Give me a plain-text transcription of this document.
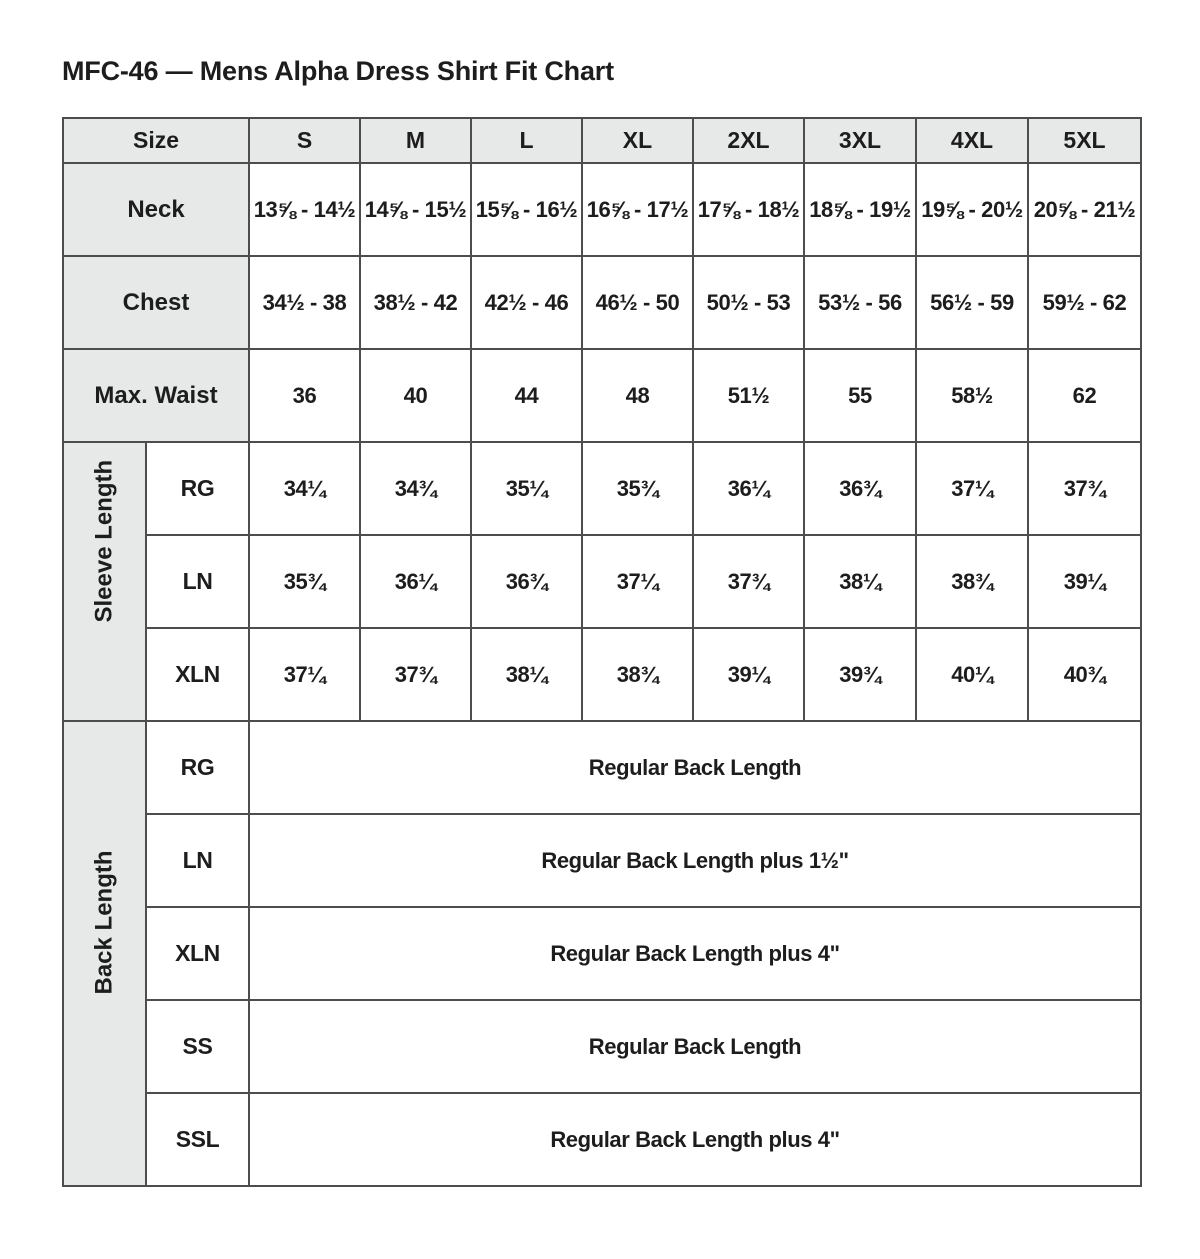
MFC-46 — Mens Alpha Dress Shirt Fit Chart
Size		S	M	L	XL	2XL	3XL	4XL	5XL
Neck		13⅝ - 14½	14⅝ - 15½	15⅝ - 16½	16⅝ - 17½	17⅝ - 18½	18⅝ - 19½	19⅝ - 20½	20⅝ - 21½
Chest		34½ - 38	38½ - 42	42½ - 46	46½ - 50	50½ - 53	53½ - 56	56½ - 59	59½ - 62
Max. Waist		36	40	44	48	51½	55	58½	62

Sleeve Length	RG	34¼	34¾	35¼	35¾	36¼	36¾	37¼	37¾
	LN	35¾	36¼	36¾	37¼	37¾	38¼	38¾	39¼
	XLN	37¼	37¾	38¼	38¾	39¼	39¾	40¼	40¾

Back Length	RG	Regular Back Length							
	LN	Regular Back Length plus 1½"							
	XLN	Regular Back Length plus 4"							
	SS	Regular Back Length							
	SSL	Regular Back Length plus 4"							
